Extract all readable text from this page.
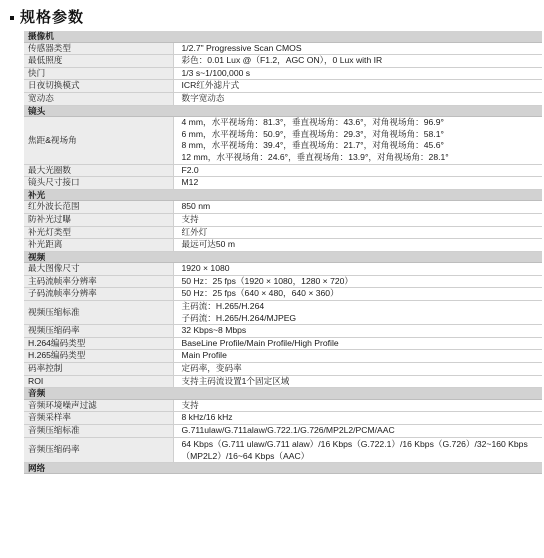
规格参数
摄像机	
传感器类型	1/2.7" Progressive Scan CMOS
最低照度	彩色：0.01 Lux @（F1.2，AGC ON），0 Lux with IR
快门	1/3 s~1/100,000 s
日夜切换模式	ICR红外滤片式
宽动态	数字宽动态
镜头	
焦距&视场角	4 mm，水平视场角：81.3°，垂直视场角：43.6°，对角视场角：96.9°
6 mm，水平视场角：50.9°，垂直视场角：29.3°，对角视场角：58.1°
8 mm，水平视场角：39.4°，垂直视场角：21.7°，对角视场角：45.6°
12 mm，水平视场角：24.6°，垂直视场角：13.9°，对角视场角：28.1°

最大光圈数	F2.0
镜头尺寸接口	M12
补光	
红外波长范围	850 nm
防补光过曝	支持
补光灯类型	红外灯
补光距离	最远可达50 m
视频	
最大图像尺寸	1920 × 1080
主码流帧率分辨率	50 Hz：25 fps（1920 × 1080，1280 × 720）
子码流帧率分辨率	50 Hz：25 fps（640 × 480，640 × 360）
视频压缩标准	主码流：H.265/H.264
子码流：H.265/H.264/MJPEG

视频压缩码率	32 Kbps~8 Mbps
H.264编码类型	BaseLine Profile/Main Profile/High Profile
H.265编码类型	Main Profile
码率控制	定码率，变码率
ROI	支持主码流设置1个固定区域
音频	
音频环境噪声过滤	支持
音频采样率	8 kHz/16 kHz
音频压缩标准	G.711ulaw/G.711alaw/G.722.1/G.726/MP2L2/PCM/AAC
音频压缩码率	64 Kbps（G.711 ulaw/G.711 alaw）/16 Kbps（G.722.1）/16 Kbps（G.726）/32~160 Kbps
（MP2L2）/16~64 Kbps（AAC）

网络	
